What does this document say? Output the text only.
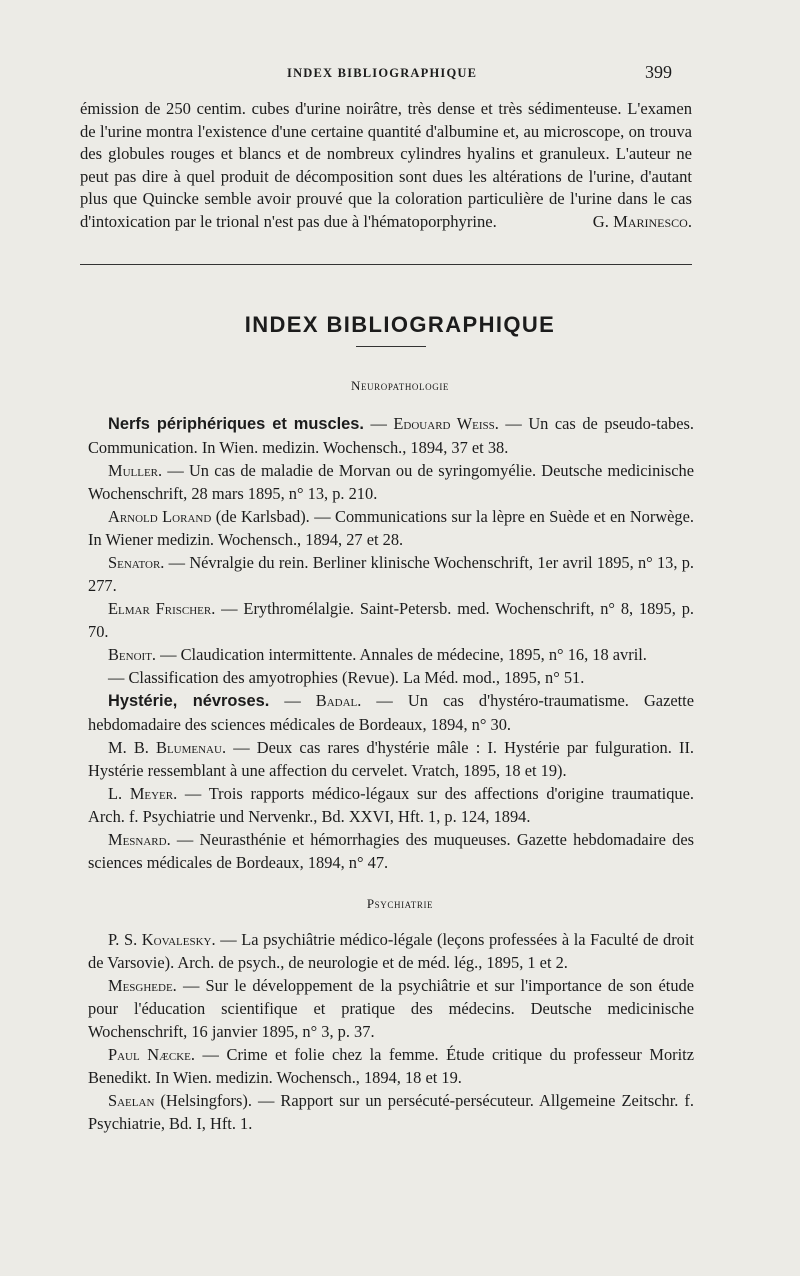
INDEX BIBLIOGRAPHIQUE	399
émission de 250 centim. cubes d'urine noirâtre, très dense et très sédimenteuse. L'examen de l'urine montra l'existence d'une certaine quantité d'albumine et, au microscope, on trouva des globules rouges et blancs et de nombreux cylindres hyalins et granuleux. L'auteur ne peut pas dire à quel produit de décomposition sont dues les altérations de l'urine, d'autant plus que Quincke semble avoir prouvé que la coloration particulière de l'urine dans le cas d'intoxication par le trional n'est pas due à l'hématoporphyrine.	G. Marinesco.
INDEX BIBLIOGRAPHIQUE
Neuropathologie

Nerfs périphériques et muscles. — Edouard Weiss. — Un cas de pseudo-tabes. Communication. In Wien. medizin. Wochensch., 1894, 37 et 38.

Muller. — Un cas de maladie de Morvan ou de syringomyélie. Deutsche medicinische Wochenschrift, 28 mars 1895, n° 13, p. 210.

Arnold Lorand (de Karlsbad). — Communications sur la lèpre en Suède et en Norwège. In Wiener medizin. Wochensch., 1894, 27 et 28.

Senator. — Névralgie du rein. Berliner klinische Wochenschrift, 1er avril 1895, n° 13, p. 277.

Elmar Frischer. — Erythromélalgie. Saint-Petersb. med. Wochenschrift, n° 8, 1895, p. 70.

Benoit. — Claudication intermittente. Annales de médecine, 1895, n° 16, 18 avril.

— Classification des amyotrophies (Revue). La Méd. mod., 1895, n° 51.

Hystérie, névroses. — Badal. — Un cas d'hystéro-traumatisme. Gazette hebdomadaire des sciences médicales de Bordeaux, 1894, n° 30.

M. B. Blumenau. — Deux cas rares d'hystérie mâle : I. Hystérie par fulguration. II. Hystérie ressemblant à une affection du cervelet. Vratch, 1895, 18 et 19).

L. Meyer. — Trois rapports médico-légaux sur des affections d'origine traumatique. Arch. f. Psychiatrie und Nervenkr., Bd. XXVI, Hft. 1, p. 124, 1894.

Mesnard. — Neurasthénie et hémorrhagies des muqueuses. Gazette hebdomadaire des sciences médicales de Bordeaux, 1894, n° 47.

Psychiatrie

P. S. Kovalesky. — La psychiâtrie médico-légale (leçons professées à la Faculté de droit de Varsovie). Arch. de psych., de neurologie et de méd. lég., 1895, 1 et 2.

Mesghede. — Sur le développement de la psychiâtrie et sur l'importance de son étude pour l'éducation scientifique et pratique des médecins. Deutsche medicinische Wochenschrift, 16 janvier 1895, n° 3, p. 37.

Paul Næcke. — Crime et folie chez la femme. Étude critique du professeur Moritz Benedikt. In Wien. medizin. Wochensch., 1894, 18 et 19.

Saelan (Helsingfors). — Rapport sur un persécuté-persécuteur. Allgemeine Zeitschr. f. Psychiatrie, Bd. I, Hft. 1.
